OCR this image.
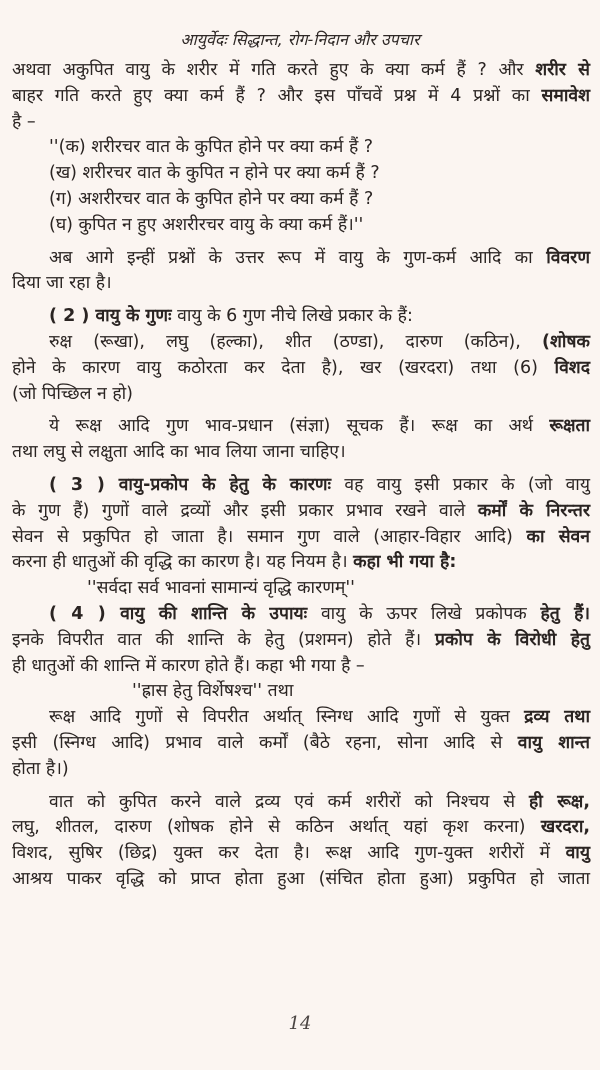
आयुर्वेदः सिद्धान्त, रोग-निदान और उपचार
अथवा अकुपित वायु के शरीर में गति करते हुए के क्या कर्म हैं ? और शरीर से
बाहर गति करते हुए क्या कर्म हैं ? और इस पाँचवें प्रश्न में 4 प्रश्नों का समावेश
है –
''(क) शरीरचर वात के कुपित होने पर क्या कर्म हैं ?
(ख) शरीरचर वात के कुपित न होने पर क्या कर्म हैं ?
(ग) अशरीरचर वात के कुपित होने पर क्या कर्म हैं ?
(घ) कुपित न हुए अशरीरचर वायु के क्या कर्म हैं।''
अब आगे इन्हीं प्रश्नों के उत्तर रूप में वायु के गुण-कर्म आदि का विवरण
दिया जा रहा है।
( 2 ) वायु के गुणः वायु के 6 गुण नीचे लिखे प्रकार के हैं:
रुक्ष (रूखा), लघु (हल्का), शीत (ठण्डा), दारुण (कठिन), (शोषक
होने के कारण वायु कठोरता कर देता है), खर (खरदरा) तथा (6) विशद
(जो पिच्छिल न हो)
ये रूक्ष आदि गुण भाव-प्रधान (संज्ञा) सूचक हैं। रूक्ष का अर्थ रूक्षता
तथा लघु से लक्षुता आदि का भाव लिया जाना चाहिए।
( 3 ) वायु-प्रकोप के हेतु के कारणः वह वायु इसी प्रकार के (जो वायु
के गुण हैं) गुणों वाले द्रव्यों और इसी प्रकार प्रभाव रखने वाले कर्मों के निरन्तर
सेवन से प्रकुपित हो जाता है। समान गुण वाले (आहार-विहार आदि) का सेवन
करना ही धातुओं की वृद्धि का कारण है। यह नियम है। कहा भी गया है:
''सर्वदा सर्व भावनां सामान्यं वृद्धि कारणम्''
( 4 ) वायु की शान्ति के उपायः वायु के ऊपर लिखे प्रकोपक हेतु हैं।
इनके विपरीत वात की शान्ति के हेतु (प्रशमन) होते हैं। प्रकोप के विरोधी हेतु
ही धातुओं की शान्ति में कारण होते हैं। कहा भी गया है –
''ह्रास हेतु विर्शेषश्च'' तथा
रूक्ष आदि गुणों से विपरीत अर्थात् स्निग्ध आदि गुणों से युक्त द्रव्य तथा
इसी (स्निग्ध आदि) प्रभाव वाले कर्मों (बैठे रहना, सोना आदि से वायु शान्त
होता है।)
वात को कुपित करने वाले द्रव्य एवं कर्म शरीरों को निश्चय से ही रूक्ष,
लघु, शीतल, दारुण (शोषक होने से कठिन अर्थात् यहां कृश करना) खरदरा,
विशद, सुषिर (छिद्र) युक्त कर देता है। रूक्ष आदि गुण-युक्त शरीरों में वायु
आश्रय पाकर वृद्धि को प्राप्त होता हुआ (संचित होता हुआ) प्रकुपित हो जाता
14
